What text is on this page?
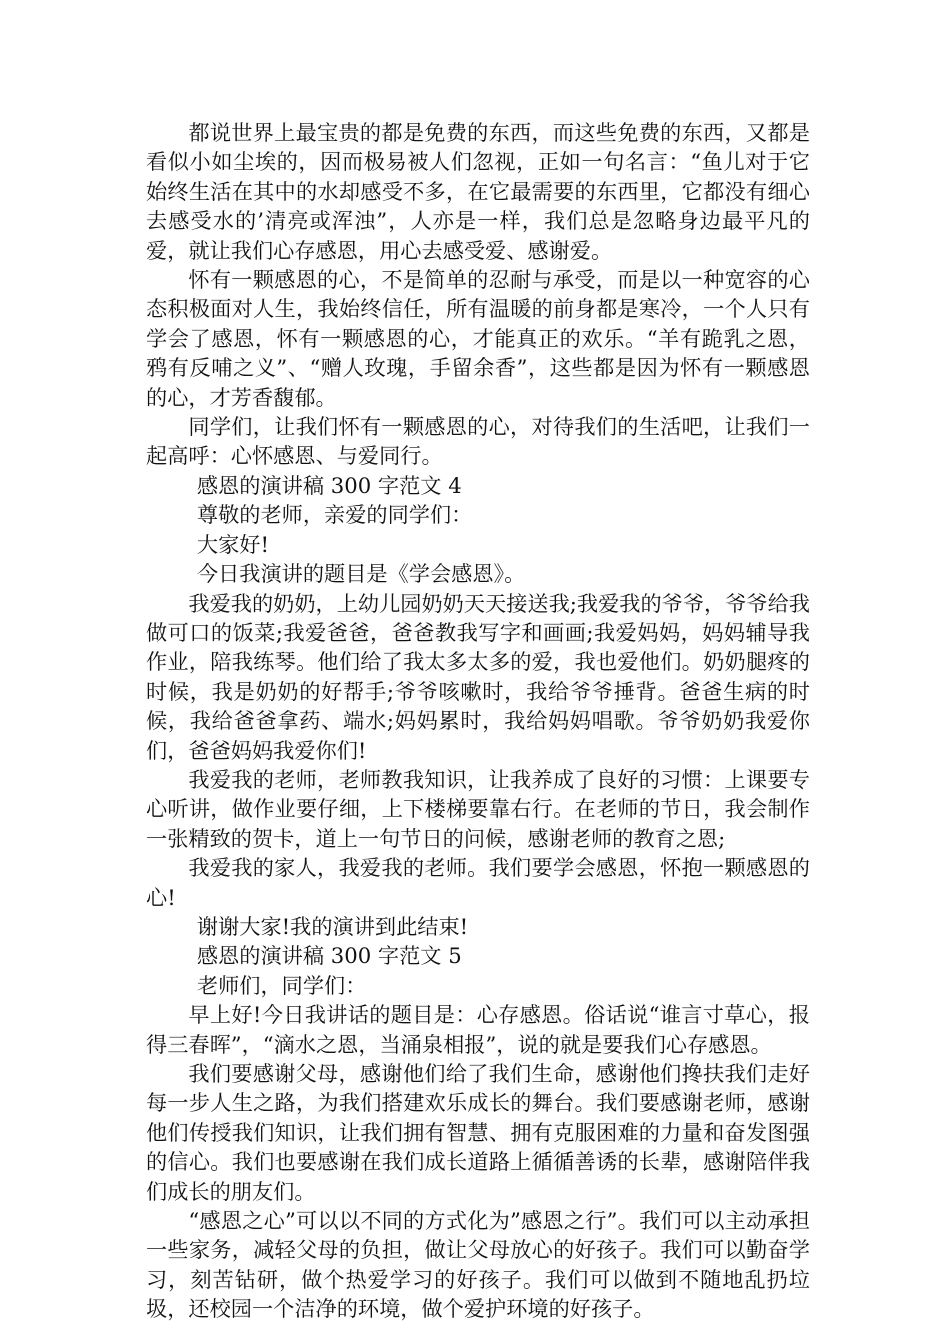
都说世界上最宝贵的都是免费的东西，而这些免费的东西，又都是看似小如尘埃的，因而极易被人们忽视，正如一句名言：“鱼儿对于它始终生活在其中的水却感受不多，在它最需要的东西里，它都没有细心去感受水的’清亮或浑浊”，人亦是一样，我们总是忽略身边最平凡的爱，就让我们心存感恩，用心去感受爱、感谢爱。

怀有一颗感恩的心，不是简单的忍耐与承受，而是以一种宽容的心态积极面对人生，我始终信任，所有温暖的前身都是寒冷，一个人只有学会了感恩，怀有一颗感恩的心，才能真正的欢乐。“羊有跪乳之恩，鸦有反哺之义”、“赠人玫瑰，手留余香”，这些都是因为怀有一颗感恩的心，才芳香馥郁。

同学们，让我们怀有一颗感恩的心，对待我们的生活吧，让我们一起高呼：心怀感恩、与爱同行。

感恩的演讲稿 300 字范文 4

尊敬的老师，亲爱的同学们：

大家好!

今日我演讲的题目是《学会感恩》。

我爱我的奶奶，上幼儿园奶奶天天接送我;我爱我的爷爷，爷爷给我做可口的饭菜;我爱爸爸，爸爸教我写字和画画;我爱妈妈，妈妈辅导我作业，陪我练琴。他们给了我太多太多的爱，我也爱他们。奶奶腿疼的时候，我是奶奶的好帮手;爷爷咳嗽时，我给爷爷捶背。爸爸生病的时候，我给爸爸拿药、端水;妈妈累时，我给妈妈唱歌。爷爷奶奶我爱你们，爸爸妈妈我爱你们!

我爱我的老师，老师教我知识，让我养成了良好的习惯：上课要专心听讲，做作业要仔细，上下楼梯要靠右行。在老师的节日，我会制作一张精致的贺卡，道上一句节日的问候，感谢老师的教育之恩;

我爱我的家人，我爱我的老师。我们要学会感恩，怀抱一颗感恩的心!

谢谢大家!我的演讲到此结束!

感恩的演讲稿 300 字范文 5

老师们，同学们：

早上好!今日我讲话的题目是：心存感恩。俗话说“谁言寸草心，报得三春晖”，“滴水之恩，当涌泉相报”，说的就是要我们心存感恩。

我们要感谢父母，感谢他们给了我们生命，感谢他们搀扶我们走好每一步人生之路，为我们搭建欢乐成长的舞台。我们要感谢老师，感谢他们传授我们知识，让我们拥有智慧、拥有克服困难的力量和奋发图强的信心。我们也要感谢在我们成长道路上循循善诱的长辈，感谢陪伴我们成长的朋友们。

“感恩之心”可以以不同的方式化为”感恩之行”。我们可以主动承担一些家务，减轻父母的负担，做让父母放心的好孩子。我们可以勤奋学习，刻苦钻研，做个热爱学习的好孩子。我们可以做到不随地乱扔垃圾，还校园一个洁净的环境，做个爱护环境的好孩子。
